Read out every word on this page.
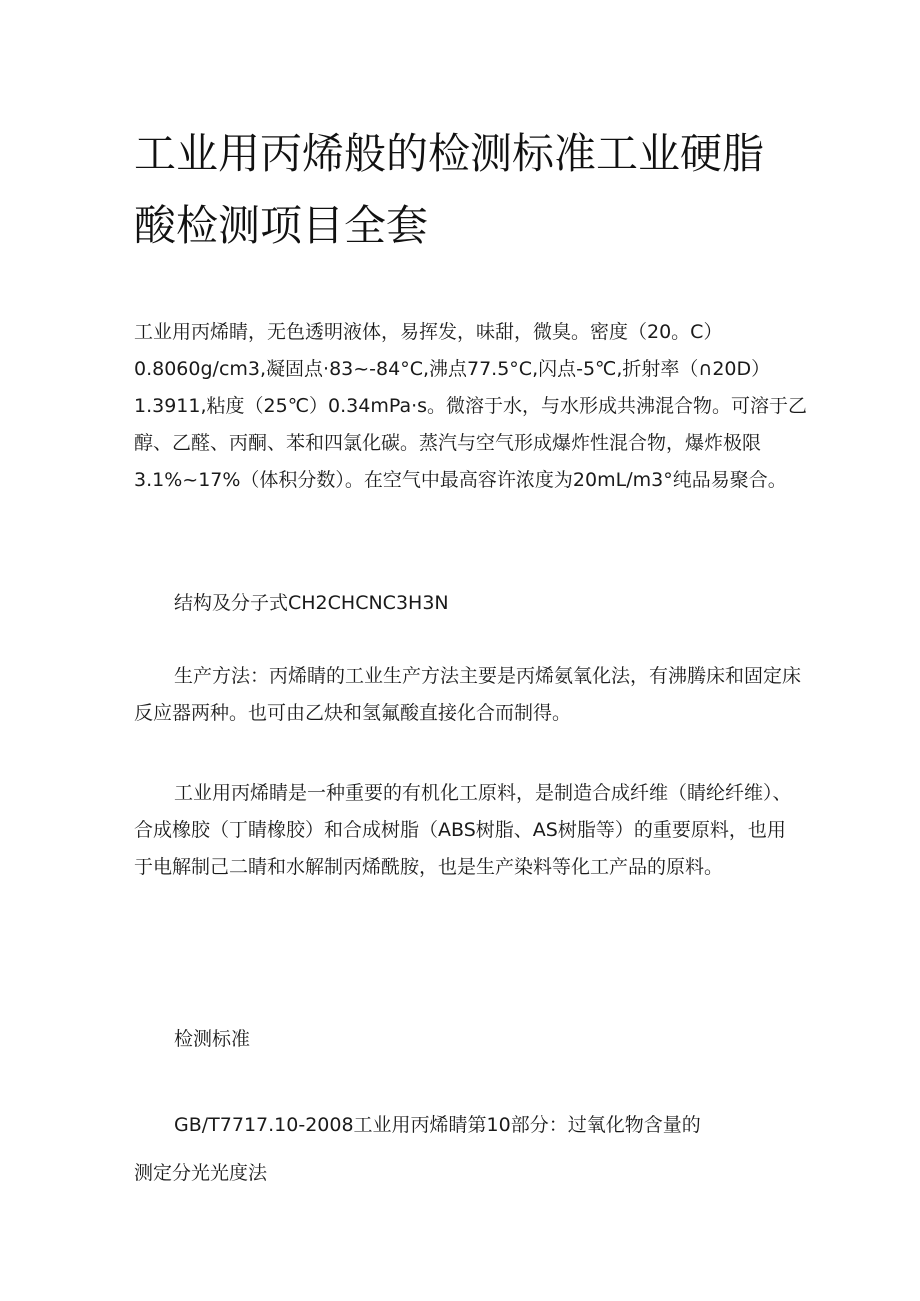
工业用丙烯般的检测标准工业硬脂酸检测项目全套
工业用丙烯睛，无色透明液体，易挥发，味甜，微臭。密度（20。C）
0.8060g∕cm3,凝固点·83~-84°C,沸点77.5°C,闪点-5℃,折射率（∩20D）
1.3911,粘度（25℃）0.34mPa·s。微溶于水，与水形成共沸混合物。可溶于乙
醇、乙醛、丙酮、苯和四氯化碳。蒸汽与空气形成爆炸性混合物，爆炸极限
3.1%~17%（体积分数）。在空气中最高容许浓度为20mL∕m3°纯品易聚合。
结构及分子式CH2CHCNC3H3N
生产方法：丙烯睛的工业生产方法主要是丙烯氨氧化法，有沸腾床和固定床
反应器两种。也可由乙炔和氢氟酸直接化合而制得。
工业用丙烯睛是一种重要的有机化工原料，是制造合成纤维（睛纶纤维）、
合成橡胶（丁睛橡胶）和合成树脂（ABS树脂、AS树脂等）的重要原料，也用
于电解制己二睛和水解制丙烯酰胺，也是生产染料等化工产品的原料。
检测标准
GB/T7717.10-2008工业用丙烯睛第10部分：过氧化物含量的
测定分光光度法
